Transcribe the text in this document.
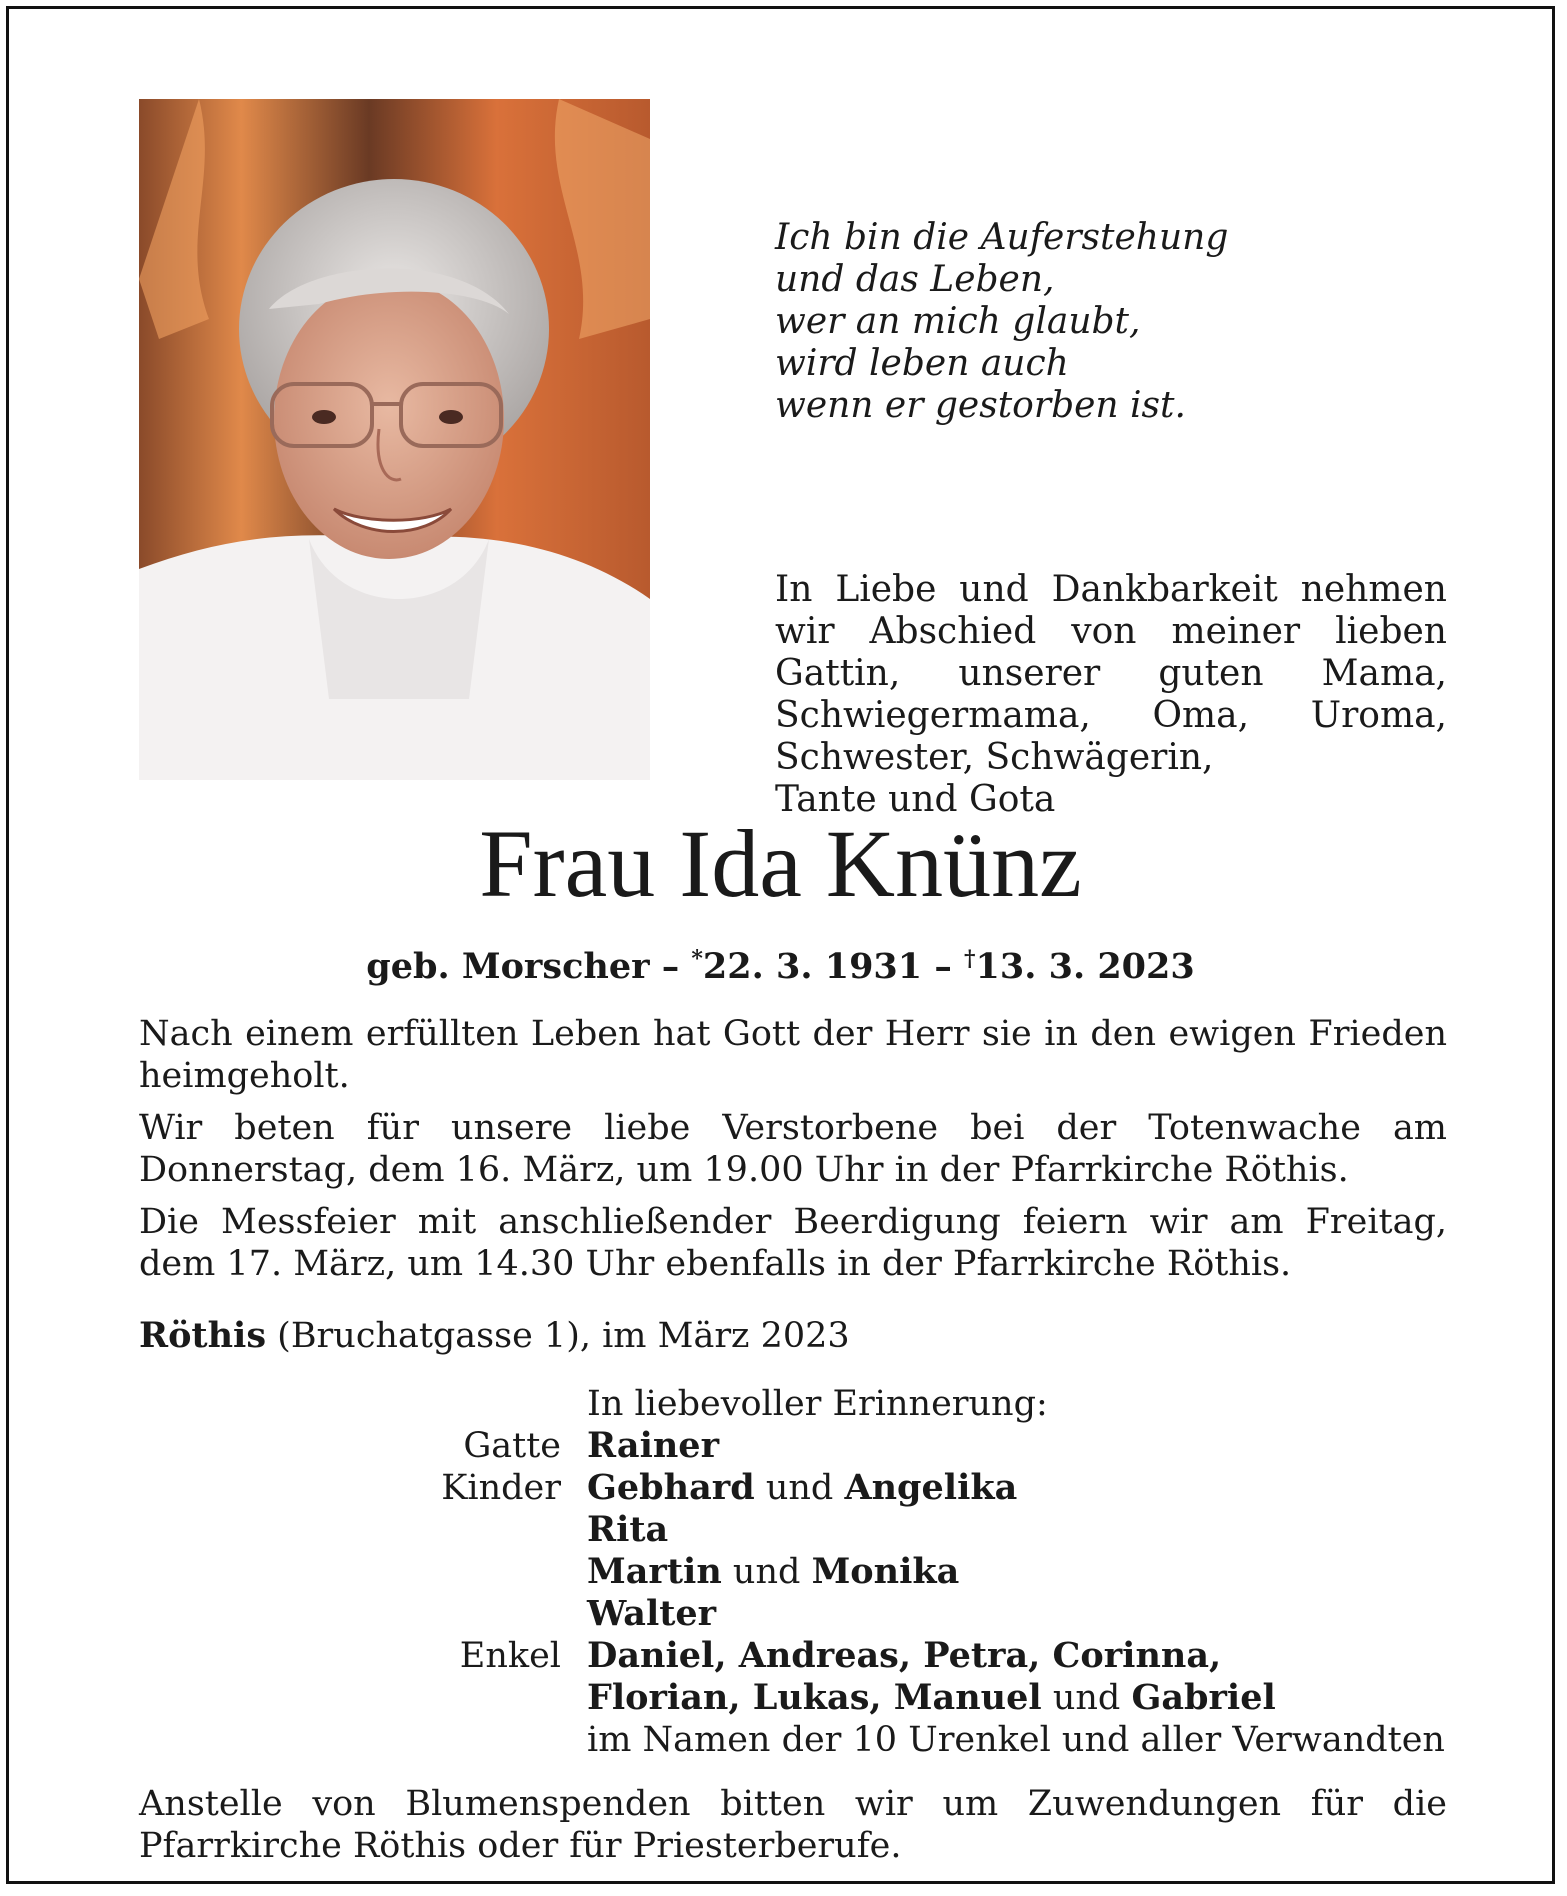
Ich bin die Auferstehung
und das Leben,
wer an mich glaubt,
wird leben auch
wenn er gestorben ist.
In Liebe und Dankbarkeit nehmen wir Abschied von meiner lieben Gattin, unserer guten Mama, Schwiegermama, Oma, Uroma, Schwester, Schwägerin,
Tante und Gota
Frau Ida Knünz
geb. Morscher – *22. 3. 1931 – †13. 3. 2023

Nach einem erfüllten Leben hat Gott der Herr sie in den ewigen Frieden heimgeholt.

Wir beten für unsere liebe Verstorbene bei der Totenwache am Donnerstag, dem 16. März, um 19.00 Uhr in der Pfarrkirche Röthis.

Die Messfeier mit anschließender Beerdigung feiern wir am Freitag, dem 17. März, um 14.30 Uhr ebenfalls in der Pfarrkirche Röthis.

Röthis (Bruchatgasse 1), im März 2023
In liebevoller Erinnerung:
Gatte Rainer
Kinder Gebhard und Angelika
Rita
Martin und Monika
Walter
Enkel Daniel, Andreas, Petra, Corinna,
Florian, Lukas, Manuel und Gabriel
im Namen der 10 Urenkel und aller Verwandten
Anstelle von Blumenspenden bitten wir um Zuwendungen für die Pfarrkirche Röthis oder für Priesterberufe.
